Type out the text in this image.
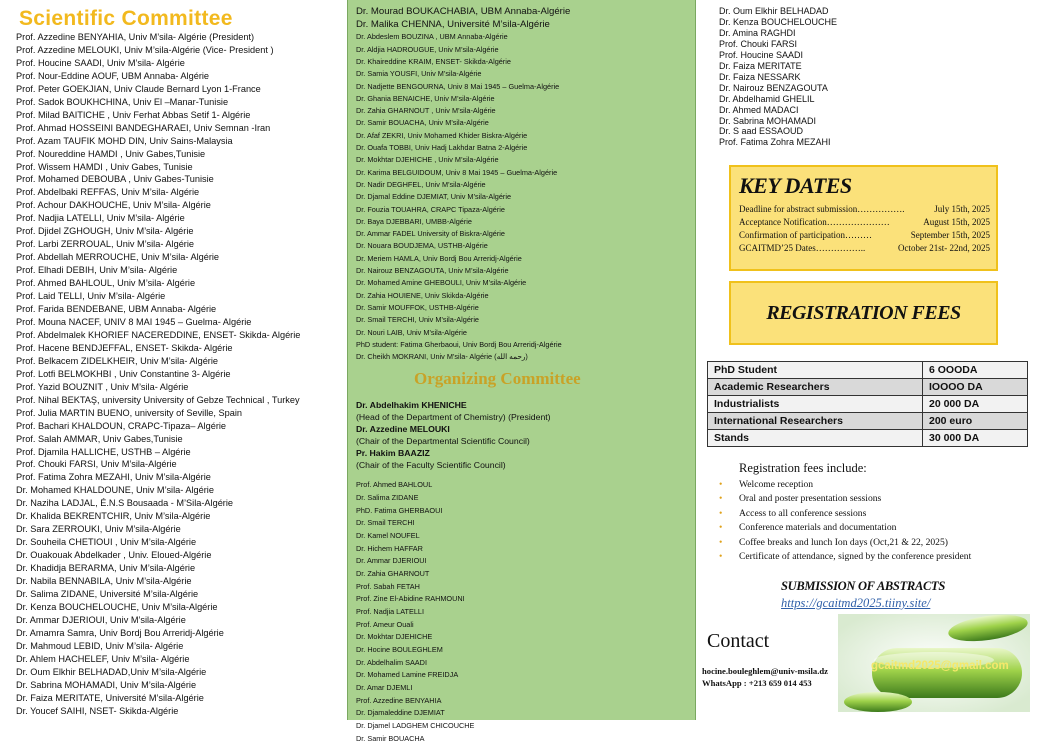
Scientific Committee
Prof. Azzedine BENYAHIA, Univ M’sila- Algérie (President)
Prof. Azzedine MELOUKI, Univ M’sila-Algérie (Vice- President )
Prof. Houcine SAADI, Univ M’sila- Algérie
Prof. Nour-Eddine AOUF, UBM Annaba- Algérie
Prof. Peter GOEKJIAN, Univ Claude Bernard Lyon 1-France
Prof. Sadok BOUKHCHINA, Univ El –Manar-Tunisie
Prof. Milad BAITICHE , Univ Ferhat Abbas Setif 1- Algérie
Prof. Ahmad HOSSEINI BANDEGHARAEI, Univ Semnan -Iran
Prof. Azam TAUFIK MOHD DIN, Univ Sains-Malaysia
Prof. Noureddine HAMDI , Univ Gabes,Tunisie
Prof. Wissem HAMDI , Univ Gabes, Tunisie
Prof. Mohamed DEBOUBA , Univ Gabes-Tunisie
Prof. Abdelbaki REFFAS, Univ M’sila- Algérie
Prof. Achour DAKHOUCHE, Univ M’sila- Algérie
Prof. Nadjia LATELLI, Univ M’sila- Algérie
Prof. Djidel ZGHOUGH, Univ M’sila- Algérie
Prof. Larbi ZERROUAL, Univ M’sila- Algérie
Prof. Abdellah MERROUCHE, Univ M’sila- Algérie
Prof. Elhadi DEBIH, Univ M’sila- Algérie
Prof. Ahmed BAHLOUL, Univ M’sila- Algérie
Prof. Laid TELLI, Univ M’sila- Algérie
Prof. Farida BENDEBANE, UBM Annaba- Algérie
Prof. Mouna NACEF, UNIV 8 MAI 1945 – Guelma- Algérie
Prof. Abdelmalek KHORIEF NACEREDDINE, ENSET- Skikda- Algérie
Prof. Hacene BENDJEFFAL, ENSET- Skikda- Algérie
Prof. Belkacem ZIDELKHEIR, Univ M’sila- Algérie
Prof. Lotfi BELMOKHBI , Univ Constantine 3- Algérie
Prof. Yazid BOUZNIT , Univ M’sila- Algérie
Prof. Nihal BEKTAŞ, university University of Gebze Technical , Turkey
Prof. Julia MARTIN BUENO, university of Seville, Spain
Prof. Bachari KHALDOUN, CRAPC-Tipaza– Algérie
Prof. Salah AMMAR, Univ Gabes,Tunisie
Prof. Djamila HALLICHE, USTHB – Algérie
Prof. Chouki FARSI, Univ M’sila-Algérie
Prof. Fatima Zohra MEZAHI, Univ M’sila-Algérie
Dr. Mohamed KHALDOUNE, Univ M’sila- Algérie
Dr. Naziha LADJAL, É.N.S Bousaada - M’Sila-Algérie
Dr. Khalida BEKRENTCHIR, Univ M’sila-Algérie
Dr. Sara ZERROUKI, Univ M’sila-Algérie
Dr. Souheila CHETIOUI , Univ M’sila-Algérie
Dr. Ouakouak Abdelkader , Univ. Eloued-Algérie
Dr. Khadidja BERARMA, Univ M’sila-Algérie
Dr. Nabila BENNABILA, Univ M’sila-Algérie
Dr. Salima ZIDANE, Université M’sila-Algérie
Dr. Kenza BOUCHELOUCHE, Univ M’sila-Algérie
Dr. Ammar DJERIOUI, Univ M’sila-Algérie
Dr. Amamra Samra, Univ Bordj Bou Arreridj-Algérie
Dr. Mahmoud LEBID, Univ M’sila- Algérie
Dr. Ahlem HACHELEF, Univ M’sila- Algérie
Dr. Oum Elkhir BELHADAD,Univ M’sila-Algérie
Dr. Sabrina MOHAMADI, Univ M’sila-Algérie
Dr. Faiza MERITATE, Université M’sila-Algérie
Dr. Youcef SAIHI, NSET- Skikda-Algérie
Dr. Mourad BOUKACHABIA, UBM Annaba-Algérie
Dr. Malika CHENNA, Université M’sila-Algérie
Dr. Abdeslem BOUZINA , UBM Annaba-Algérie
Dr. Aldjia HADROUGUE, Univ M’sila-Algérie
Dr. Khaireddine KRAIM, ENSET- Skikda-Algérie
Dr. Samia YOUSFI, Univ M’sila-Algérie
Dr. Nadjette BENGOURNA, Univ 8 Mai 1945 – Guelma-Algérie
Dr. Ghania BENAICHE, Univ M’sila-Algérie
Dr. Zahia GHARNOUT , Univ M’sila-Algérie
Dr. Samir BOUACHA, Univ M’sila-Algérie
Dr. Afaf ZEKRI, Univ Mohamed Khider Biskra-Algérie
Dr. Ouafa TOBBI, Univ Hadj Lakhdar Batna 2-Algérie
Dr. Mokhtar DJEHICHE , Univ M’sila-Algérie
Dr. Karima BELGUIDOUM, Univ 8 Mai 1945 – Guelma-Algérie
Dr. Nadir DEGHFEL, Univ M’sila-Algérie
Dr. Djamal Eddine DJEMIAT, Univ M’sila-Algérie
Dr. Fouzia TOUAHRA, CRAPC Tipaza-Algérie
Dr. Baya DJEBBARI, UMBB-Algérie
Dr. Ammar FADEL University of Biskra-Algérie
Dr. Nouara BOUDJEMA, USTHB-Algérie
Dr. Meriem HAMLA, Univ Bordj Bou Arreridj-Algérie
Dr. Nairouz BENZAGOUTA, Univ M’sila-Algérie
Dr. Mohamed Amine GHEBOULI, Univ M’sila-Algérie
Dr. Zahia HOUIENE, Univ Skikda-Algérie
Dr. Samir MOUFFOK, USTHB-Algérie
Dr. Smail TERCHI, Univ M’sila-Algérie
Dr. Nouri LAIB, Univ M’sila-Algérie
PhD student: Fatima Gherbaoui, Univ Bordj Bou Arreridj-Algérie
Dr. Cheikh MOKRANI, Univ M’sila- Algérie (رحمه الله)
Organizing Committee
Dr. Abdelhakim KHENICHE
(Head of the Department of Chemistry) (President)
Dr. Azzedine MELOUKI
(Chair of the Departmental Scientific Council)
Pr. Hakim BAAZIZ
(Chair of the Faculty Scientific Council)
Prof. Ahmed BAHLOUL
Dr. Salima ZIDANE
PhD. Fatima GHERBAOUI
Dr. Smail TERCHI
Dr. Kamel NOUFEL
Dr. Hichem HAFFAR
Dr. Ammar DJERIOUI
Dr. Zahia GHARNOUT
Prof. Sabah FETAH
Prof. Zine El-Abidine RAHMOUNI
Prof. Nadjia LATELLI
Prof. Ameur Ouali
Dr. Mokhtar DJEHICHE
Dr. Hocine BOULEGHLEM
Dr. Abdelhalim SAADI
Dr. Mohamed Lamine FREIDJA
Dr. Amar DJEMLI
Prof. Azzedine BENYAHIA
Dr. Djamaleddine DJEMIAT
Dr. Djamel LADGHEM CHICOUCHE
Dr. Samir BOUACHA
Dr. Oum Elkhir BELHADAD
Dr. Kenza BOUCHELOUCHE
Dr. Amina RAGHDI
Prof. Chouki FARSI
Prof. Houcine SAADI
Dr. Faiza MERITATE
Dr. Faiza NESSARK
Dr. Nairouz BENZAGOUTA
Dr. Abdelhamid GHELIL
Dr. Ahmed MADACI
Dr. Sabrina MOHAMADI
Dr. S aad ESSAOUD
Prof. Fatima Zohra MEZAHI
KEY DATES
Deadline for abstract submission …………….	July 15th, 2025
Acceptance Notification …………………	August 15th, 2025
Confirmation of participation ………	September 15th, 2025
GCAITMD’25 Dates ……………..	October 21st- 22nd, 2025
REGISTRATION FEES
PhD Student	6 OOODA
Academic Researchers	IOOOO DA
Industrialists	20 000 DA
International Researchers	200 euro
Stands	30 000 DA
Registration fees include:
• Welcome reception
• Oral and poster presentation sessions
• Access to all conference sessions
• Conference materials and documentation
• Coffee breaks and lunch Ion days (Oct,21 & 22, 2025)
• Certificate of attendance, signed by the conference president
SUBMISSION OF ABSTRACTS
https://gcaitmd2025.tiiny.site/
Contact
hocine.bouleghlem@univ-msila.dz
WhatsApp : +213 659 014 453
gcaitmd2025@gmail.com
